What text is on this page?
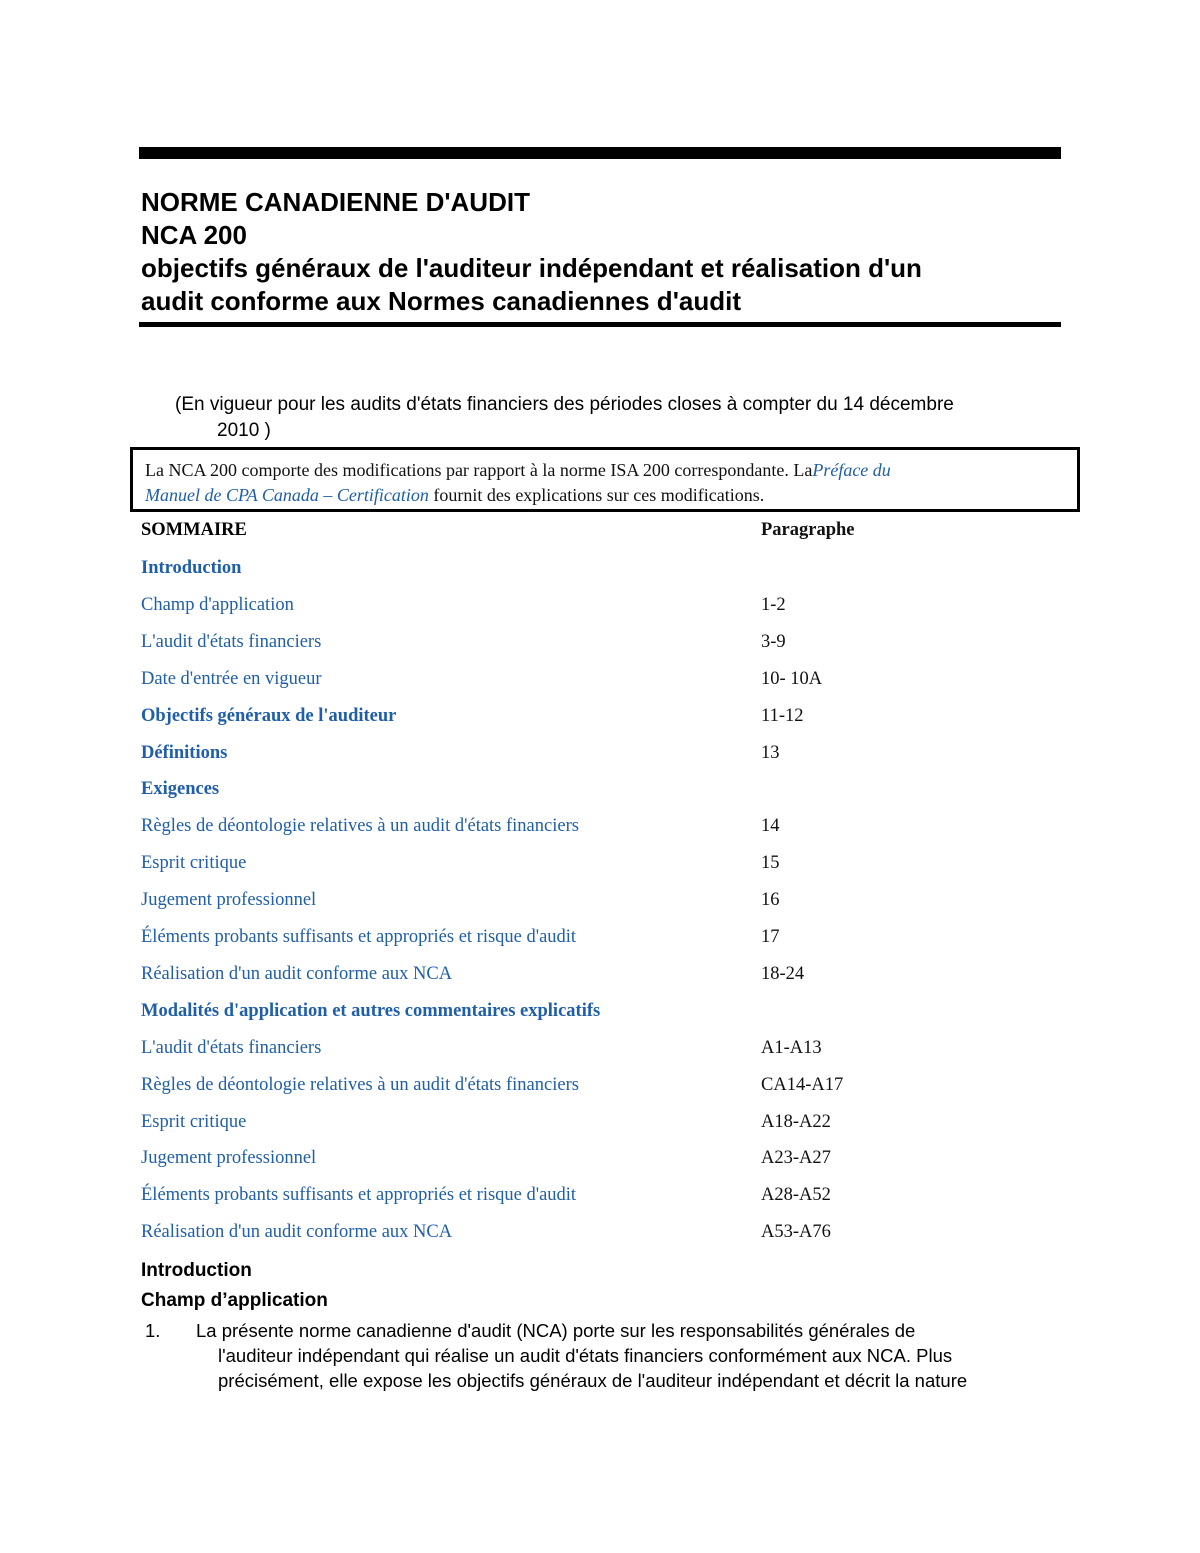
NORME CANADIENNE D'AUDIT
NCA 200
objectifs généraux de l'auditeur indépendant et réalisation d'un
audit conforme aux Normes canadiennes d'audit
(En vigueur pour les audits d'états financiers des périodes closes à compter du 14 décembre
2010 )
La NCA 200 comporte des modifications par rapport à la norme ISA 200 correspondante. LaPréface du
Manuel de CPA Canada – Certification fournit des explications sur ces modifications.
SOMMAIRE	Paragraphe
Introduction
Champ d'application	1-2
L'audit d'états financiers	3-9
Date d'entrée en vigueur	10- 10A
Objectifs généraux de l'auditeur	11-12
Définitions	13
Exigences
Règles de déontologie relatives à un audit d'états financiers	14
Esprit critique	15
Jugement professionnel	16
Éléments probants suffisants et appropriés et risque d'audit	17
Réalisation d'un audit conforme aux NCA	18-24
Modalités d'application et autres commentaires explicatifs
L'audit d'états financiers	A1-A13
Règles de déontologie relatives à un audit d'états financiers	CA14-A17
Esprit critique	A18-A22
Jugement professionnel	A23-A27
Éléments probants suffisants et appropriés et risque d'audit	A28-A52
Réalisation d'un audit conforme aux NCA	A53-A76
Introduction
Champ d’application
1. La présente norme canadienne d'audit (NCA) porte sur les responsabilités générales de
l'auditeur indépendant qui réalise un audit d'états financiers conformément aux NCA. Plus
précisément, elle expose les objectifs généraux de l'auditeur indépendant et décrit la nature
